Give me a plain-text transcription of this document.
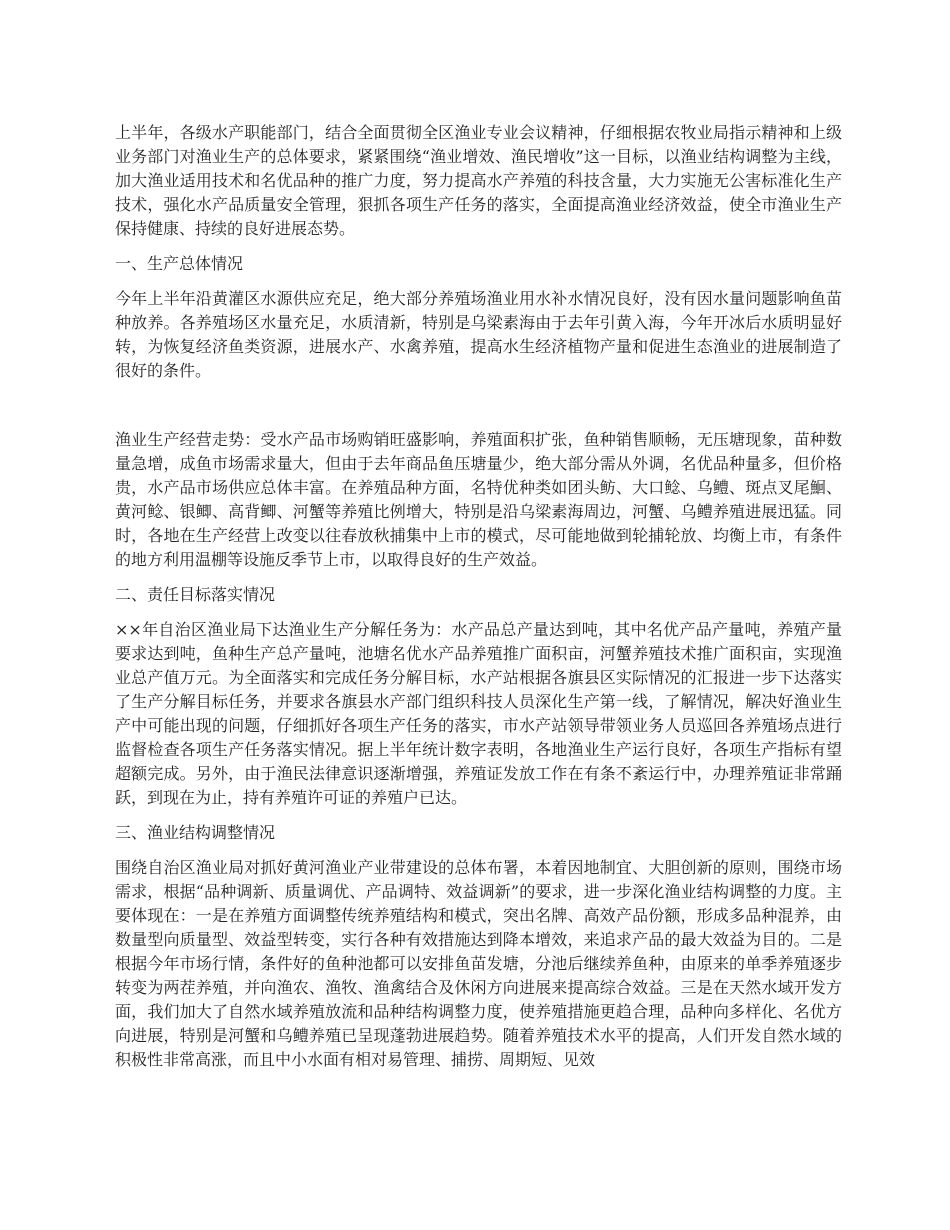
上半年，各级水产职能部门，结合全面贯彻全区渔业专业会议精神，仔细根据农牧业局指示精神和上级业务部门对渔业生产的总体要求，紧紧围绕“渔业增效、渔民增收”这一目标，以渔业结构调整为主线，加大渔业适用技术和名优品种的推广力度，努力提高水产养殖的科技含量，大力实施无公害标准化生产技术，强化水产品质量安全管理，狠抓各项生产任务的落实，全面提高渔业经济效益，使全市渔业生产保持健康、持续的良好进展态势。

一、生产总体情况

今年上半年沿黄灌区水源供应充足，绝大部分养殖场渔业用水补水情况良好，没有因水量问题影响鱼苗种放养。各养殖场区水量充足，水质清新，特别是乌梁素海由于去年引黄入海，今年开冰后水质明显好转，为恢复经济鱼类资源，进展水产、水禽养殖，提高水生经济植物产量和促进生态渔业的进展制造了很好的条件。

渔业生产经营走势：受水产品市场购销旺盛影响，养殖面积扩张，鱼种销售顺畅，无压塘现象，苗种数量急增，成鱼市场需求量大，但由于去年商品鱼压塘量少，绝大部分需从外调，名优品种量多，但价格贵，水产品市场供应总体丰富。在养殖品种方面，名特优种类如团头鲂、大口鲶、乌鳢、斑点叉尾鮰、黄河鲶、银鲫、高背鲫、河蟹等养殖比例增大，特别是沿乌梁素海周边，河蟹、乌鳢养殖进展迅猛。同时，各地在生产经营上改变以往春放秋捕集中上市的模式，尽可能地做到轮捕轮放、均衡上市，有条件的地方利用温棚等设施反季节上市，以取得良好的生产效益。

二、责任目标落实情况

××年自治区渔业局下达渔业生产分解任务为：水产品总产量达到吨，其中名优产品产量吨，养殖产量要求达到吨，鱼种生产总产量吨，池塘名优水产品养殖推广面积亩，河蟹养殖技术推广面积亩，实现渔业总产值万元。为全面落实和完成任务分解目标，水产站根据各旗县区实际情况的汇报进一步下达落实了生产分解目标任务，并要求各旗县水产部门组织科技人员深化生产第一线，了解情况，解决好渔业生产中可能出现的问题，仔细抓好各项生产任务的落实，市水产站领导带领业务人员巡回各养殖场点进行监督检查各项生产任务落实情况。据上半年统计数字表明，各地渔业生产运行良好，各项生产指标有望超额完成。另外，由于渔民法律意识逐渐增强，养殖证发放工作在有条不紊运行中，办理养殖证非常踊跃，到现在为止，持有养殖许可证的养殖户已达。

三、渔业结构调整情况

围绕自治区渔业局对抓好黄河渔业产业带建设的总体布署，本着因地制宜、大胆创新的原则，围绕市场需求，根据“品种调新、质量调优、产品调特、效益调新”的要求，进一步深化渔业结构调整的力度。主要体现在：一是在养殖方面调整传统养殖结构和模式，突出名牌、高效产品份额，形成多品种混养，由数量型向质量型、效益型转变，实行各种有效措施达到降本增效，来追求产品的最大效益为目的。二是根据今年市场行情，条件好的鱼种池都可以安排鱼苗发塘，分池后继续养鱼种，由原来的单季养殖逐步转变为两茬养殖，并向渔农、渔牧、渔禽结合及休闲方向进展来提高综合效益。三是在天然水域开发方面，我们加大了自然水域养殖放流和品种结构调整力度，使养殖措施更趋合理，品种向多样化、名优方向进展，特别是河蟹和乌鳢养殖已呈现蓬勃进展趋势。随着养殖技术水平的提高，人们开发自然水域的积极性非常高涨，而且中小水面有相对易管理、捕捞、周期短、见效
